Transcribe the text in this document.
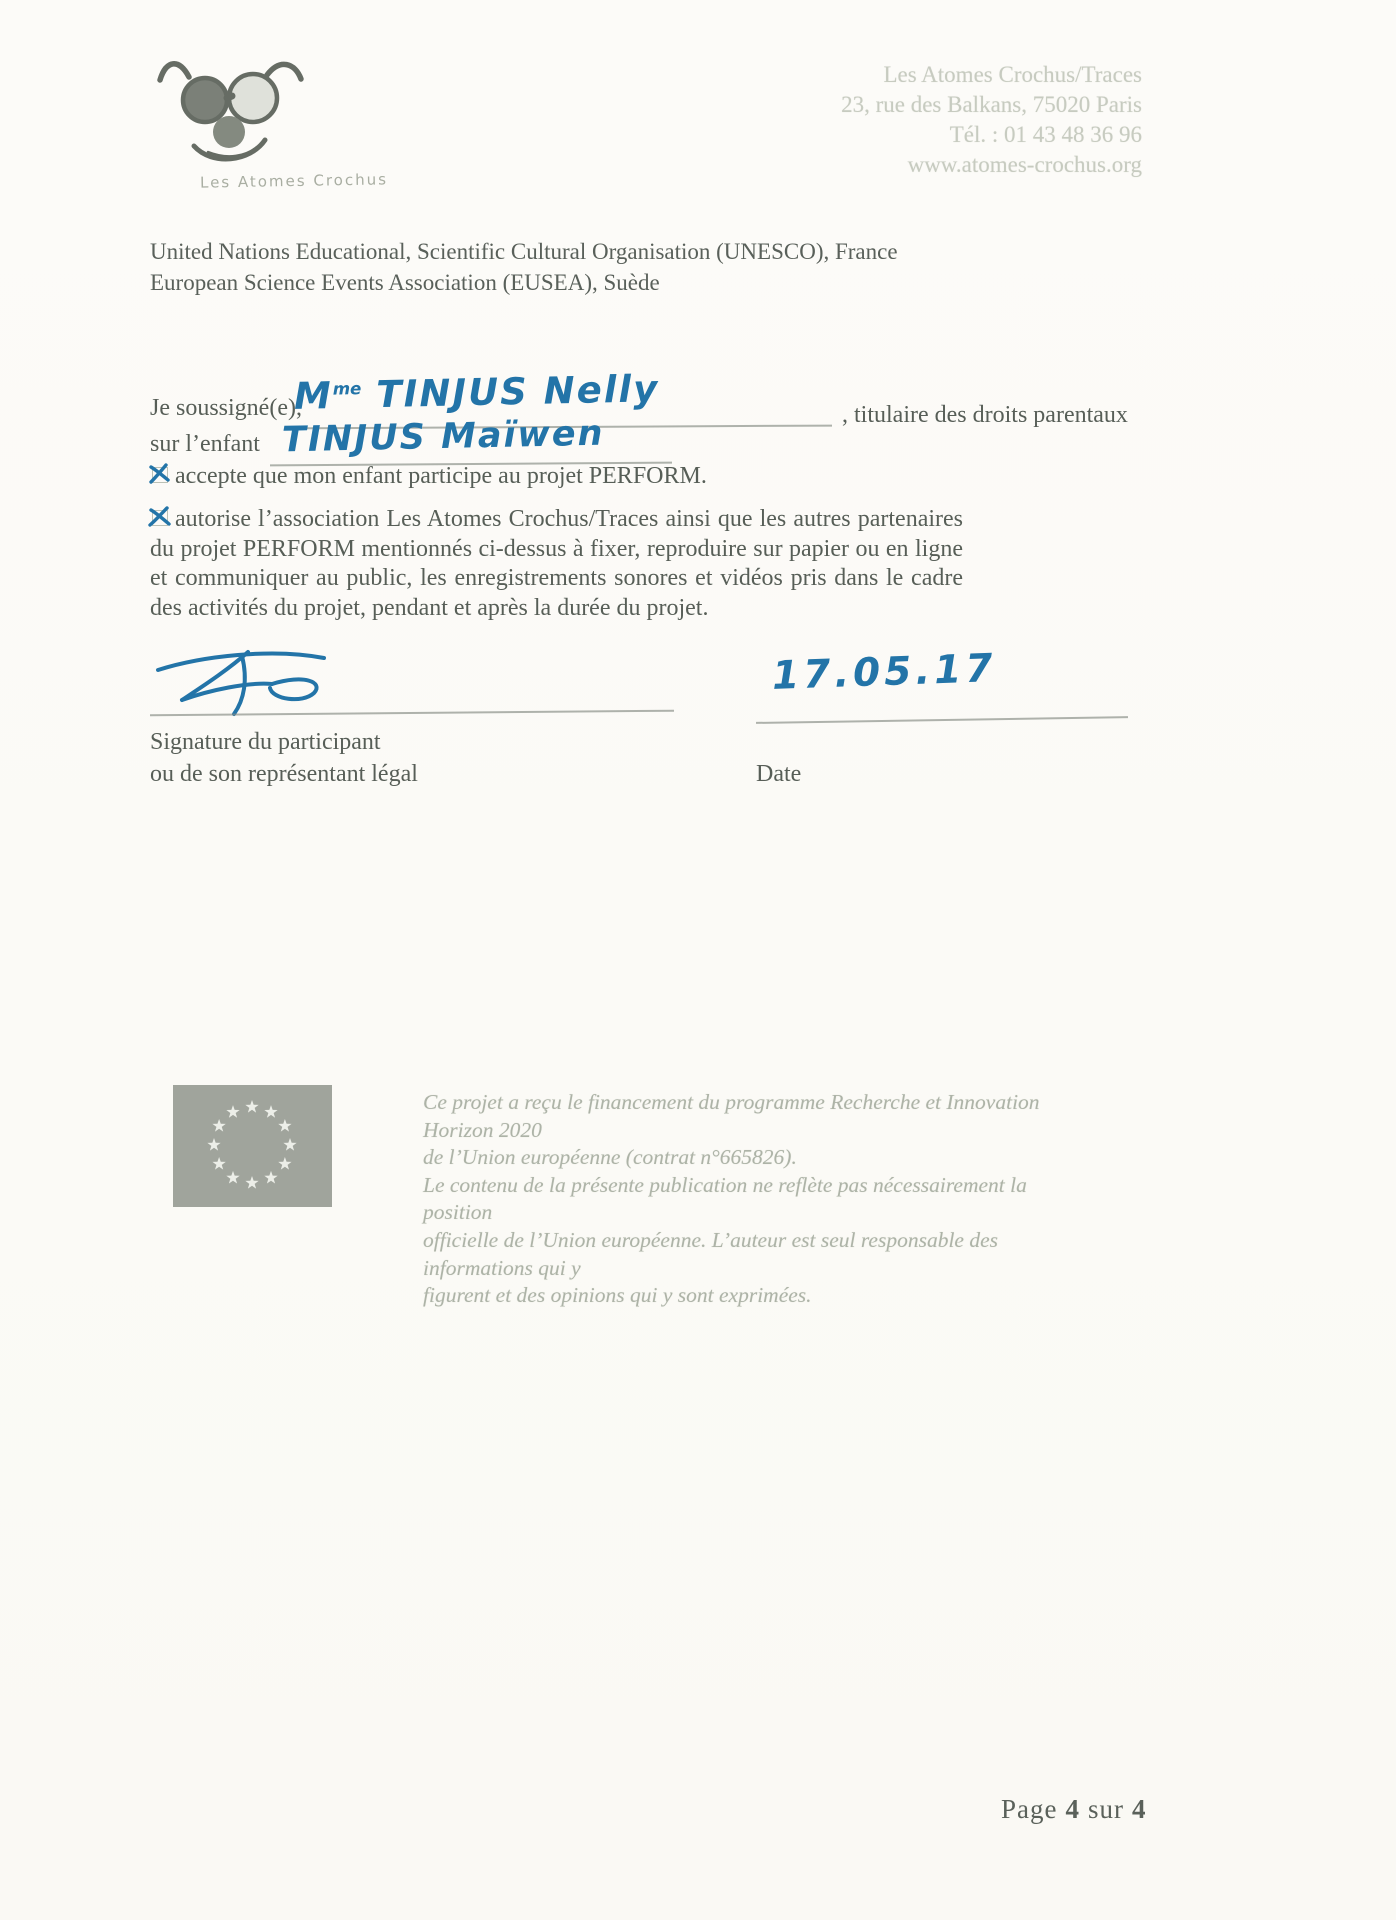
Les Atomes Crochus
Les Atomes Crochus/Traces
23, rue des Balkans, 75020 Paris
Tél. : 01 43 48 36 96
www.atomes-crochus.org
United Nations Educational, Scientific Cultural Organisation (UNESCO), France
European Science Events Association (EUSEA), Suède
Je soussigné(e),
$M^{me}$ TINJUS Nelly	, titulaire des droits parentaux
sur l’enfant TINJUS Maïwen
accepte que mon enfant participe au projet PERFORM.
autorise l’association Les Atomes Crochus/Traces ainsi que les autres partenaires du projet PERFORM mentionnés ci-dessus à fixer, reproduire sur papier ou en ligne et communiquer au public, les enregistrements sonores et vidéos pris dans le cadre des activités du projet, pendant et après la durée du projet.
17.05.17
Signature du participant
ou de son représentant légal	Date
Ce projet a reçu le financement du programme Recherche et Innovation Horizon 2020
de l’Union européenne (contrat n°665826).
Le contenu de la présente publication ne reflète pas nécessairement la position
officielle de l’Union européenne. L’auteur est seul responsable des informations qui y
figurent et des opinions qui y sont exprimées.
Page 4 sur 4
